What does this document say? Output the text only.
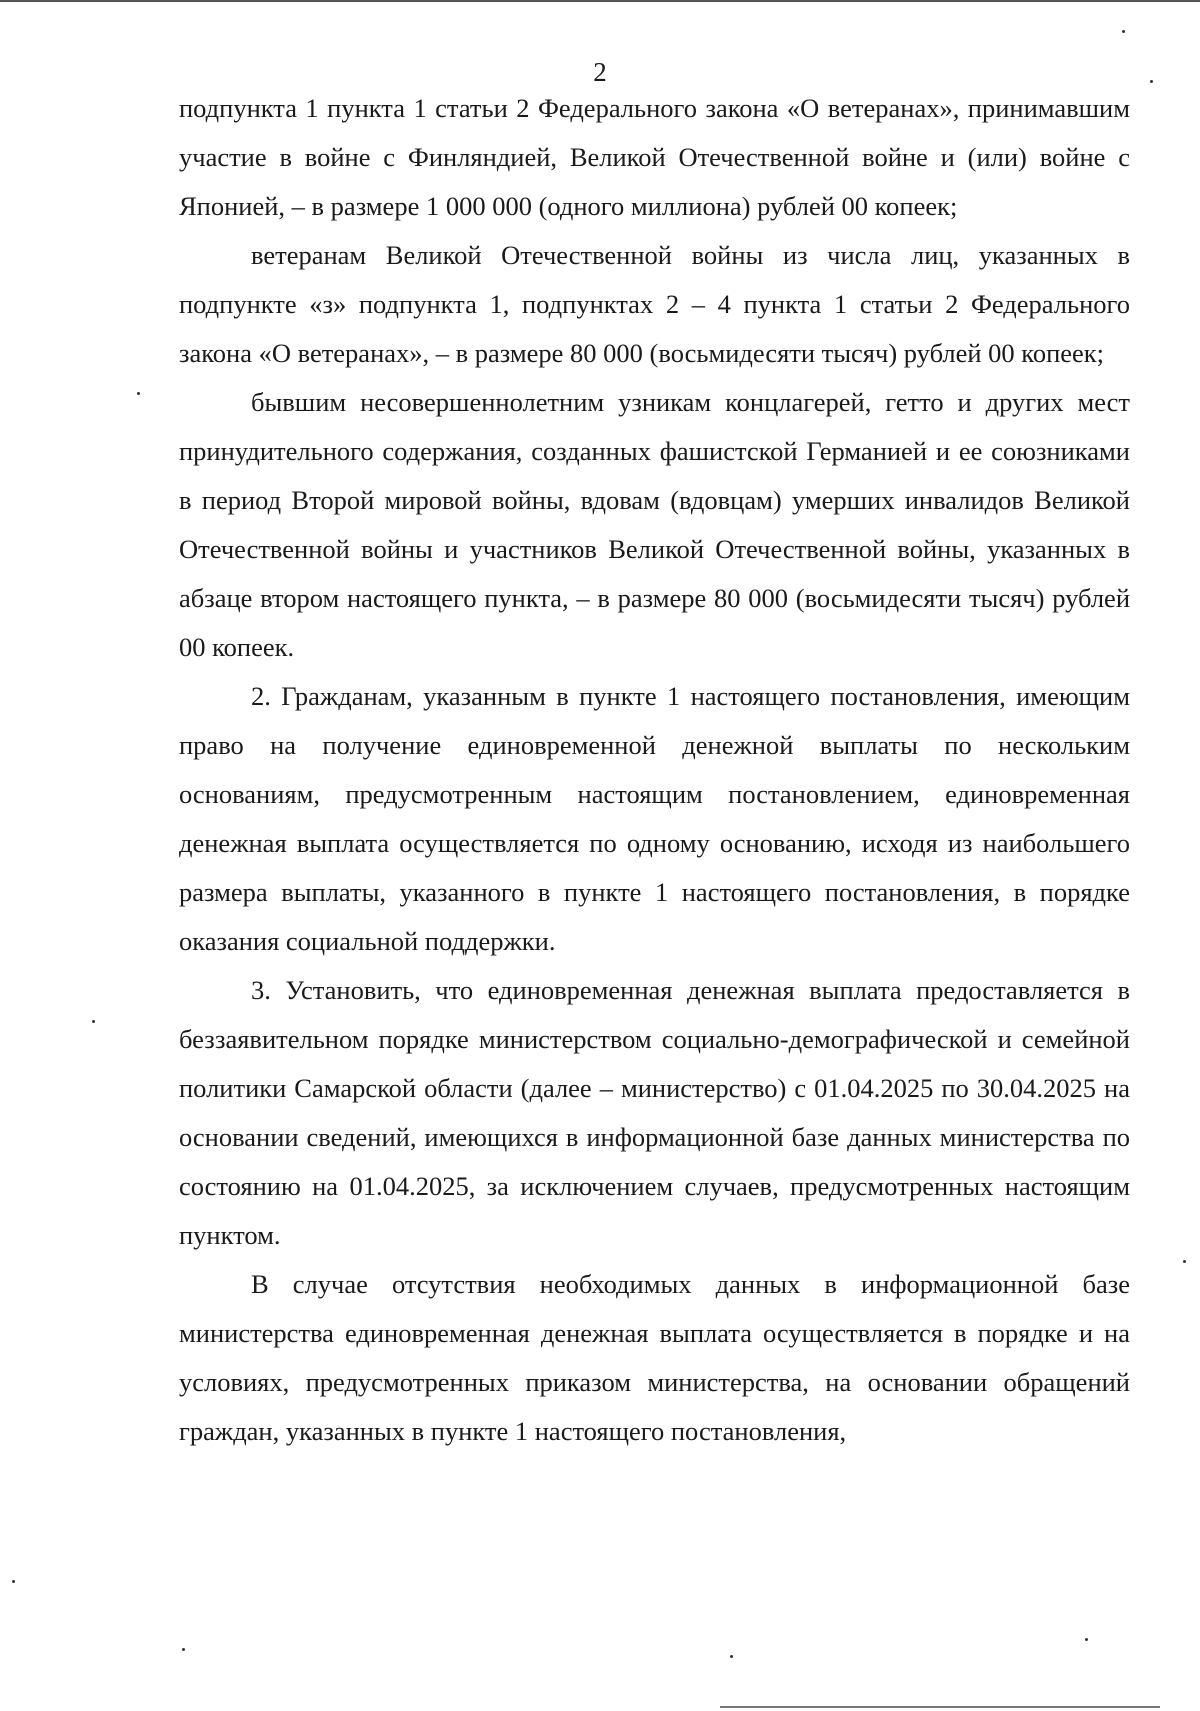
2

подпункта 1 пункта 1 статьи 2 Федерального закона «О ветеранах», принимавшим участие в войне с Финляндией, Великой Отечественной войне и (или) войне с Японией, – в размере 1 000 000 (одного миллиона) рублей 00 копеек;

ветеранам Великой Отечественной войны из числа лиц, указанных в подпункте «з» подпункта 1, подпунктах 2 – 4 пункта 1 статьи 2 Федерального закона «О ветеранах», – в размере 80 000 (восьмидесяти тысяч) рублей 00 копеек;

бывшим несовершеннолетним узникам концлагерей, гетто и других мест принудительного содержания, созданных фашистской Германией и ее союзниками в период Второй мировой войны, вдовам (вдовцам) умерших инвалидов Великой Отечественной войны и участников Великой Отечественной войны, указанных в абзаце втором настоящего пункта, – в размере 80 000 (восьмидесяти тысяч) рублей 00 копеек.

2. Гражданам, указанным в пункте 1 настоящего постановления, имеющим право на получение единовременной денежной выплаты по нескольким основаниям, предусмотренным настоящим постановлением, единовременная денежная выплата осуществляется по одному основанию, исходя из наибольшего размера выплаты, указанного в пункте 1 настоящего постановления, в порядке оказания социальной поддержки.

3. Установить, что единовременная денежная выплата предоставляется в беззаявительном порядке министерством социально-демографической и семейной политики Самарской области (далее – министерство) с 01.04.2025 по 30.04.2025 на основании сведений, имеющихся в информационной базе данных министерства по состоянию на 01.04.2025, за исключением случаев, предусмотренных настоящим пунктом.

В случае отсутствия необходимых данных в информационной базе министерства единовременная денежная выплата осуществляется в порядке и на условиях, предусмотренных приказом министерства, на основании обращений граждан, указанных в пункте 1 настоящего постановления,
